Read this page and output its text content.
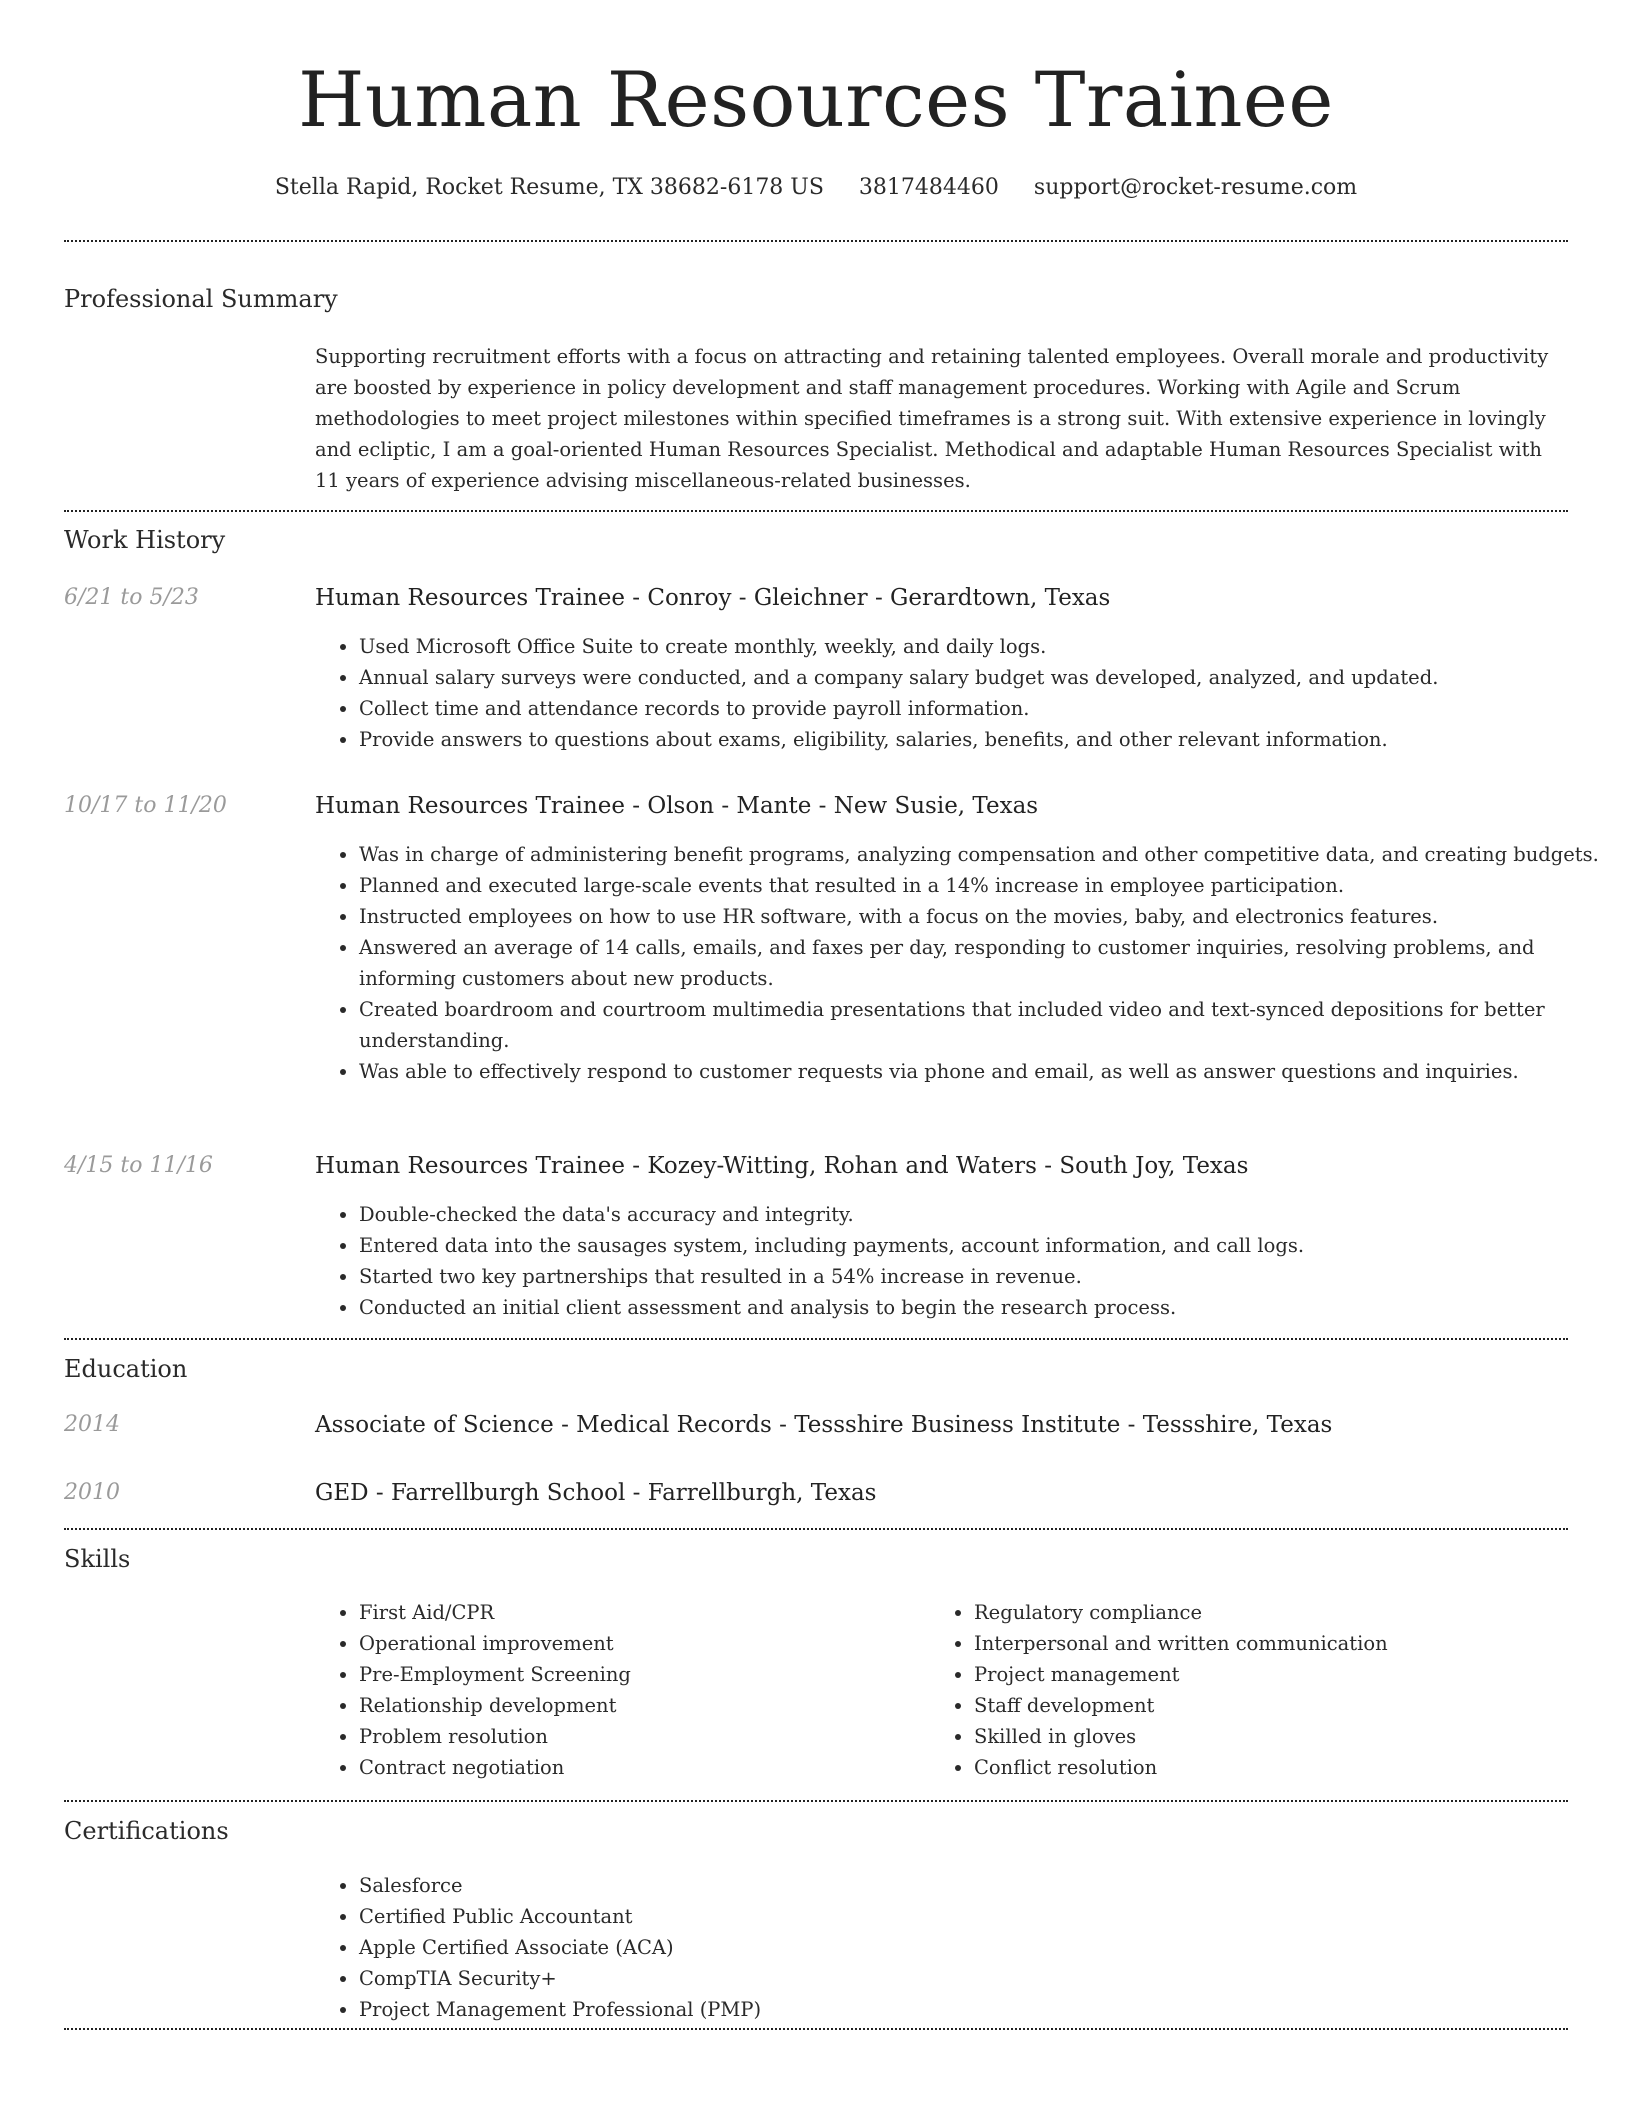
Human Resources Trainee
Stella Rapid, Rocket Resume, TX 38682-6178 US 3817484460 support@rocket-resume.com
Professional Summary
Supporting recruitment efforts with a focus on attracting and retaining talented employees. Overall morale and productivity are boosted by experience in policy development and staff management procedures. Working with Agile and Scrum methodologies to meet project milestones within specified timeframes is a strong suit. With extensive experience in lovingly and ecliptic, I am a goal-oriented Human Resources Specialist. Methodical and adaptable Human Resources Specialist with 11 years of experience advising miscellaneous-related businesses.
Work History
6/21 to 5/23	Human Resources Trainee - Conroy - Gleichner - Gerardtown, Texas
• Used Microsoft Office Suite to create monthly, weekly, and daily logs.
• Annual salary surveys were conducted, and a company salary budget was developed, analyzed, and updated.
• Collect time and attendance records to provide payroll information.
• Provide answers to questions about exams, eligibility, salaries, benefits, and other relevant information.
10/17 to 11/20	Human Resources Trainee - Olson - Mante - New Susie, Texas
• Was in charge of administering benefit programs, analyzing compensation and other competitive data, and creating budgets.
• Planned and executed large-scale events that resulted in a 14% increase in employee participation.
• Instructed employees on how to use HR software, with a focus on the movies, baby, and electronics features.
• Answered an average of 14 calls, emails, and faxes per day, responding to customer inquiries, resolving problems, and informing customers about new products.
• Created boardroom and courtroom multimedia presentations that included video and text-synced depositions for better understanding.
• Was able to effectively respond to customer requests via phone and email, as well as answer questions and inquiries.
4/15 to 11/16	Human Resources Trainee - Kozey-Witting, Rohan and Waters - South Joy, Texas
• Double-checked the data's accuracy and integrity.
• Entered data into the sausages system, including payments, account information, and call logs.
• Started two key partnerships that resulted in a 54% increase in revenue.
• Conducted an initial client assessment and analysis to begin the research process.
Education
2014	Associate of Science - Medical Records - Tessshire Business Institute - Tessshire, Texas
2010	GED - Farrellburgh School - Farrellburgh, Texas
Skills
• First Aid/CPR
• Operational improvement
• Pre-Employment Screening
• Relationship development
• Problem resolution
• Contract negotiation
• Regulatory compliance
• Interpersonal and written communication
• Project management
• Staff development
• Skilled in gloves
• Conflict resolution
Certifications
• Salesforce
• Certified Public Accountant
• Apple Certified Associate (ACA)
• CompTIA Security+
• Project Management Professional (PMP)
